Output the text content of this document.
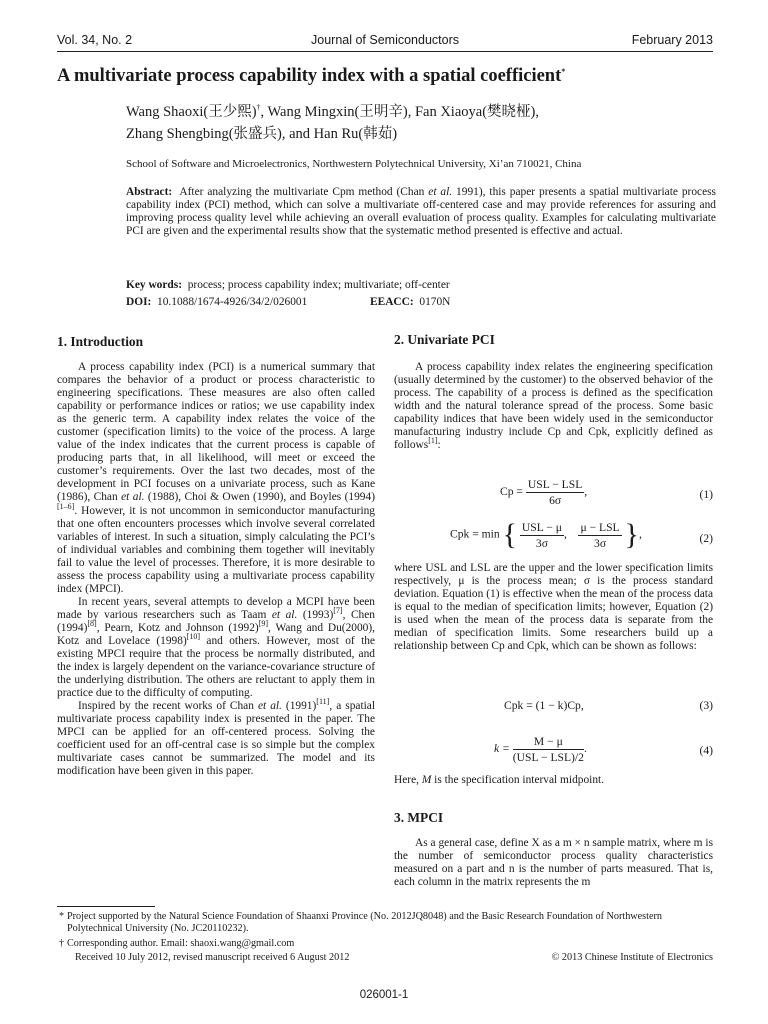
Vol. 34, No. 2	Journal of Semiconductors	February 2013
A multivariate process capability index with a spatial coefficient*
Wang Shaoxi(王少熙)†, Wang Mingxin(王明辛), Fan Xiaoya(樊晓桠),
Zhang Shengbing(张盛兵), and Han Ru(韩茹)
School of Software and Microelectronics, Northwestern Polytechnical University, Xi’an 710021, China
Abstract: After analyzing the multivariate Cpm method (Chan et al. 1991), this paper presents a spatial multivariate process capability index (PCI) method, which can solve a multivariate off-centered case and may provide references for assuring and improving process quality level while achieving an overall evaluation of process quality. Examples for calculating multivariate PCI are given and the experimental results show that the systematic method presented is effective and actual.
Key words: process; process capability index; multivariate; off-center
DOI: 10.1088/1674-4926/34/2/026001	EEACC: 0170N
1. Introduction

A process capability index (PCI) is a numerical summary that compares the behavior of a product or process characteristic to engineering specifications. These measures are also often called capability or performance indices or ratios; we use capability index as the generic term. A capability index relates the voice of the customer (specification limits) to the voice of the process. A large value of the index indicates that the current process is capable of producing parts that, in all likelihood, will meet or exceed the customer’s requirements. Over the last two decades, most of the development in PCI focuses on a univariate process, such as Kane (1986), Chan et al. (1988), Choi & Owen (1990), and Boyles (1994)[1–6]. However, it is not uncommon in semiconductor manufacturing that one often encounters processes which involve several correlated variables of interest. In such a situation, simply calculating the PCI’s of individual variables and combining them together will inevitably fail to value the level of processes. Therefore, it is more desirable to assess the process capability using a multivariate process capability index (MPCI).

In recent years, several attempts to develop a MCPI have been made by various researchers such as Taam et al. (1993)[7], Chen (1994)[8], Pearn, Kotz and Johnson (1992)[9], Wang and Du(2000), Kotz and Lovelace (1998)[10] and others. However, most of the existing MPCI require that the process be normally distributed, and the index is largely dependent on the variance-covariance structure of the underlying distribution. The others are reluctant to apply them in practice due to the difficulty of computing.

Inspired by the recent works of Chan et al. (1991)[11], a spatial multivariate process capability index is presented in the paper. The MPCI can be applied for an off-centered process. Solving the coefficient used for an off-central case is so simple but the complex multivariate cases cannot be summarized. The model and its modification have been given in this paper.

2. Univariate PCI

A process capability index relates the engineering specification (usually determined by the customer) to the observed behavior of the process. The capability of a process is defined as the specification width and the natural tolerance spread of the process. Some basic capability indices that have been widely used in the semiconductor manufacturing industry include Cp and Cpk, explicitly defined as follows[1]:

$Cp = \frac{\text{USL − LSL}}{6\sigma}$ ,	(1)
Cpk = min { $\frac{\text{USL − μ}}{3\sigma}$ , $\frac{\text{μ − LSL}}{3\sigma}$ },	(2)

where USL and LSL are the upper and the lower specification limits respectively, μ is the process mean; σ is the process standard deviation. Equation (1) is effective when the mean of the process data is equal to the median of specification limits; however, Equation (2) is used when the mean of the process data is separate from the median of specification limits. Some researchers build up a relationship between Cp and Cpk, which can be shown as follows:

Cpk = (1 − k)Cp,	(3)
$k = \frac{M - \mu}{\text{(USL − LSL)/2}}$ .	(4)

Here, M is the specification interval midpoint.

3. MPCI

As a general case, define X as a m × n sample matrix, where m is the number of semiconductor process quality characteristics measured on a part and n is the number of parts measured. That is, each column in the matrix represents the m

* Project supported by the Natural Science Foundation of Shaanxi Province (No. 2012JQ8048) and the Basic Research Foundation of Northwestern Polytechnical University (No. JC20110232).
† Corresponding author. Email: shaoxi.wang@gmail.com
Received 10 July 2012, revised manuscript received 6 August 2012	© 2013 Chinese Institute of Electronics
026001-1
